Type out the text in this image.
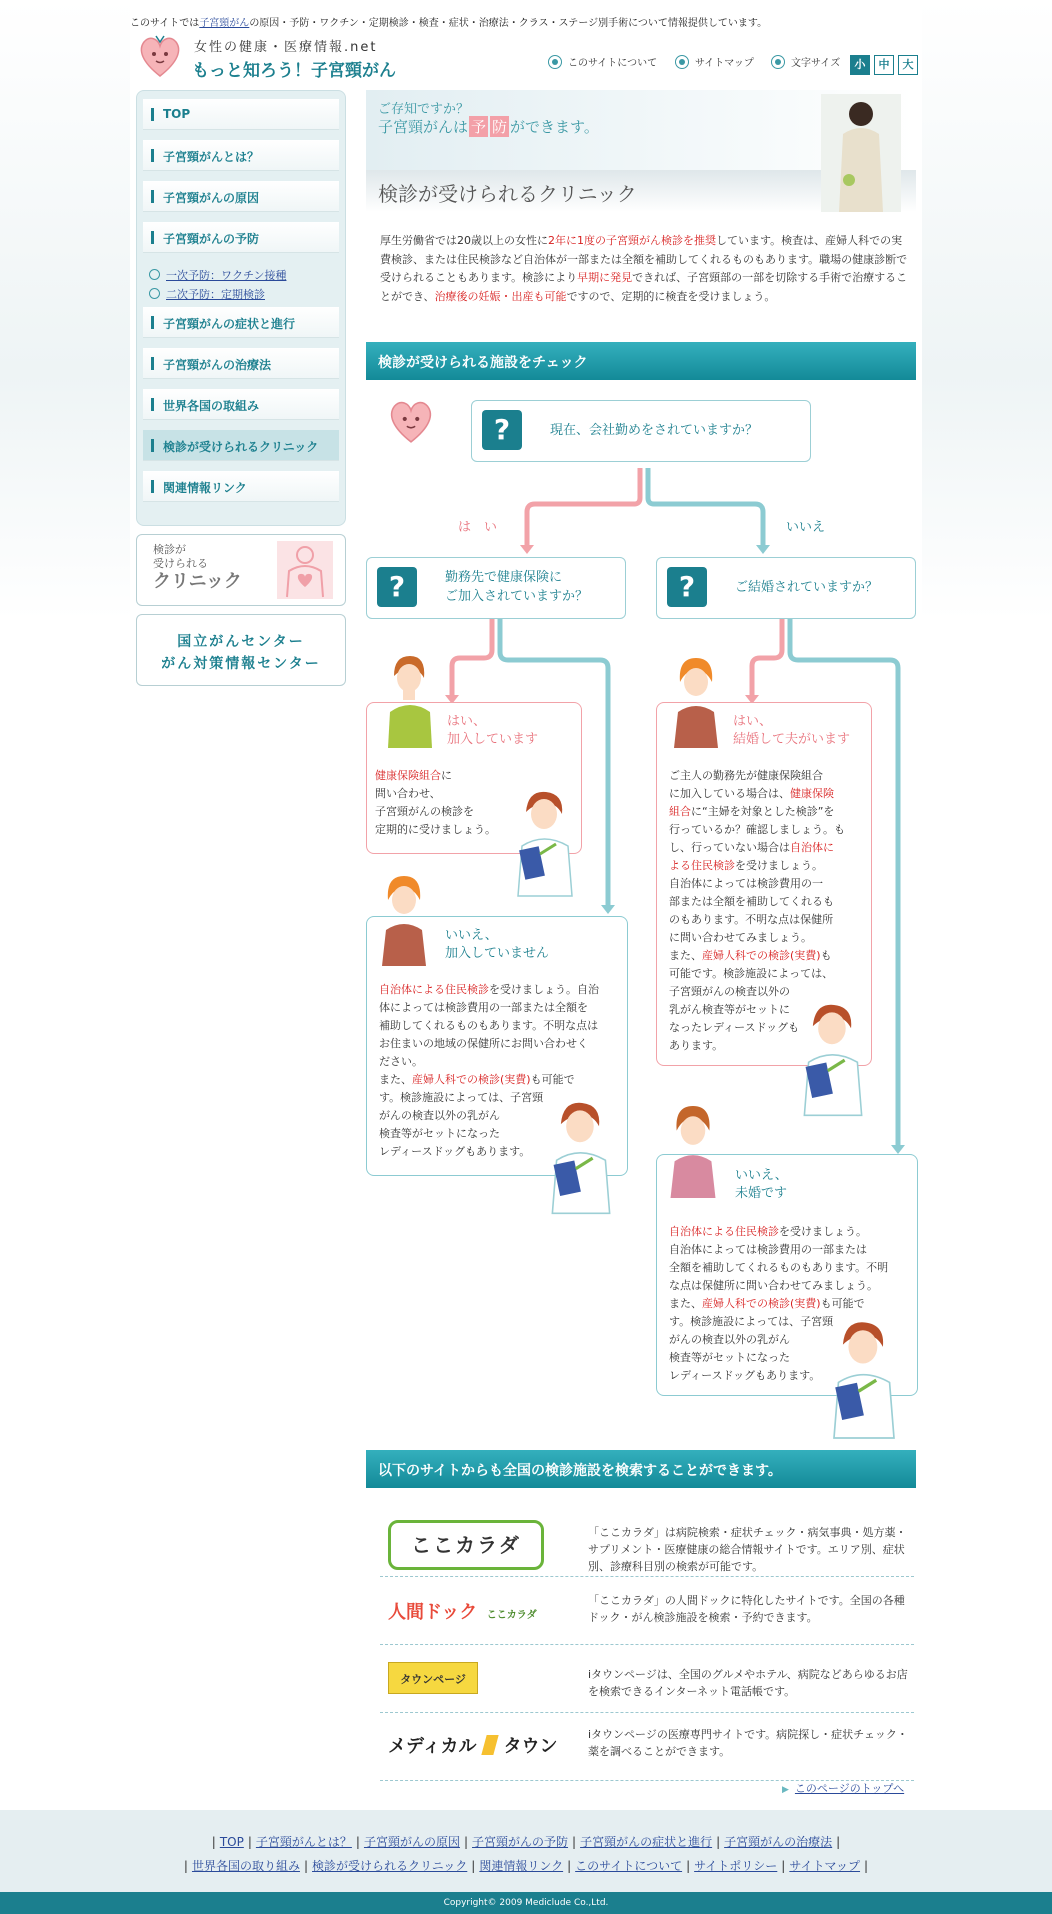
このサイトでは子宮頸がんの原因・予防・ワクチン・定期検診・検査・症状・治療法・クラス・ステージ別手術について情報提供しています。
女性の健康・医療情報.net
もっと知ろう！子宮頸がん	このサイトについて	サイトマップ	文字サイズ	小	中	大
TOP
子宮頸がんとは？
子宮頸がんの原因
子宮頸がんの予防
一次予防：ワクチン接種
二次予防：定期検診
子宮頸がんの症状と進行
子宮頸がんの治療法
世界各国の取組み
検診が受けられるクリニック
関連情報リンク
検診が
受けられる
クリニック
国立がんセンター
がん対策情報センター
ご存知ですか？
子宮頸がんは 予 防 ができます。
検診が受けられるクリニック
厚生労働省では20歳以上の女性に2年に1度の子宮頸がん検診を推奨しています。検査は、産婦人科での実費検診、または住民検診など自治体が一部または全額を補助してくれるものもあります。職場の健康診断で受けられることもあります。検診により早期に発見できれば、子宮頸部の一部を切除する手術で治療することができ、治療後の妊娠・出産も可能ですので、定期的に検査を受けましょう。
検診が受けられる施設をチェック
?	現在、会社勤めをされていますか？
は　い	いいえ
?	勤務先で健康保険に
ご加入されていますか？	?	ご結婚されていますか？
はい、
加入しています
健康保険組合に
問い合わせ、
子宮頸がんの検診を
定期的に受けましょう。
いいえ、
加入していません
自治体による住民検診を受けましょう。自治
体によっては検診費用の一部または全額を
補助してくれるものもあります。不明な点は
お住まいの地域の保健所にお問い合わせく
ださい。
また、産婦人科での検診(実費)も可能で
す。検診施設によっては、子宮頸
がんの検査以外の乳がん
検査等がセットになった
レディースドッグもあります。
はい、
結婚して夫がいます
ご主人の勤務先が健康保険組合
に加入している場合は、健康保険
組合に“主婦を対象とした検診”を
行っているか？確認しましょう。も
し、行っていない場合は自治体に
よる住民検診を受けましょう。
自治体によっては検診費用の一
部または全額を補助してくれるも
のもあります。不明な点は保健所
に問い合わせてみましょう。
また、産婦人科での検診(実費)も
可能です。検診施設によっては、
子宮頸がんの検査以外の
乳がん検査等がセットに
なったレディースドッグも
あります。
いいえ、
未婚です
自治体による住民検診を受けましょう。
自治体によっては検診費用の一部または
全額を補助してくれるものもあります。不明
な点は保健所に問い合わせてみましょう。
また、産婦人科での検診(実費)も可能で
す。検診施設によっては、子宮頸
がんの検査以外の乳がん
検査等がセットになった
レディースドッグもあります。
以下のサイトからも全国の検診施設を検索することができます。
ここカラダ
「ここカラダ」は病院検索・症状チェック・病気事典・処方薬・サプリメント・医療健康の総合情報サイトです。エリア別、症状別、診療科目別の検索が可能です。
人間ドック ここカラダ
「ここカラダ」の人間ドックに特化したサイトです。全国の各種ドック・がん検診施設を検索・予約できます。
タウンページ	iタウンページは、全国のグルメやホテル、病院などあらゆるお店を検索できるインターネット電話帳です。
メディカル タウン
iタウンページの医療専門サイトです。病院探し・症状チェック・薬を調べることができます。
▶ このページのトップへ
| TOP | 子宮頸がんとは？ | 子宮頸がんの原因 | 子宮頸がんの予防 | 子宮頸がんの症状と進行 | 子宮頸がんの治療法 |
| 世界各国の取り組み | 検診が受けられるクリニック | 関連情報リンク | このサイトについて | サイトポリシー | サイトマップ |
Copyright© 2009 Mediclude Co.,Ltd.
